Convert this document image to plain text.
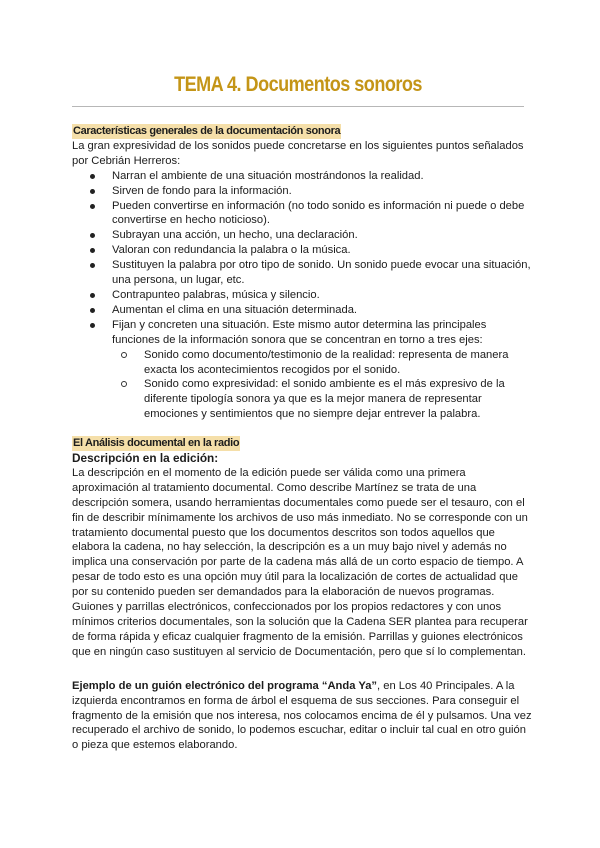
TEMA 4. Documentos sonoros
Características generales de la documentación sonora

La gran expresividad de los sonidos puede concretarse en los siguientes puntos señalados por Cebrián Herreros:

Narran el ambiente de una situación mostrándonos la realidad.
Sirven de fondo para la información.
Pueden convertirse en información (no todo sonido es información ni puede o debe convertirse en hecho noticioso).
Subrayan una acción, un hecho, una declaración.
Valoran con redundancia la palabra o la música.
Sustituyen la palabra por otro tipo de sonido. Un sonido puede evocar una situación, una persona, un lugar, etc.
Contrapunteo palabras, música y silencio.
Aumentan el clima en una situación determinada.
Fijan y concreten una situación. Este mismo autor determina las principales funciones de la información sonora que se concentran en torno a tres ejes:
Sonido como documento/testimonio de la realidad: representa de manera exacta los acontecimientos recogidos por el sonido.
Sonido como expresividad: el sonido ambiente es el más expresivo de la diferente tipología sonora ya que es la mejor manera de representar emociones y sentimientos que no siempre dejar entrever la palabra.
El Análisis documental en la radio

Descripción en la edición:

La descripción en el momento de la edición puede ser válida como una primera aproximación al tratamiento documental. Como describe Martínez se trata de una descripción somera, usando herramientas documentales como puede ser el tesauro, con el fin de describir mínimamente los archivos de uso más inmediato. No se corresponde con un tratamiento documental puesto que los documentos descritos son todos aquellos que elabora la cadena, no hay selección, la descripción es a un muy bajo nivel y además no implica una conservación por parte de la cadena más allá de un corto espacio de tiempo. A pesar de todo esto es una opción muy útil para la localización de cortes de actualidad que por su contenido pueden ser demandados para la elaboración de nuevos programas. Guiones y parrillas electrónicos, confeccionados por los propios redactores y con unos mínimos criterios documentales, son la solución que la Cadena SER plantea para recuperar de forma rápida y eficaz cualquier fragmento de la emisión. Parrillas y guiones electrónicos que en ningún caso sustituyen al servicio de Documentación, pero que sí lo complementan.

Ejemplo de un guión electrónico del programa “Anda Ya”, en Los 40 Principales. A la izquierda encontramos en forma de árbol el esquema de sus secciones. Para conseguir el fragmento de la emisión que nos interesa, nos colocamos encima de él y pulsamos. Una vez recuperado el archivo de sonido, lo podemos escuchar, editar o incluir tal cual en otro guión o pieza que estemos elaborando.
